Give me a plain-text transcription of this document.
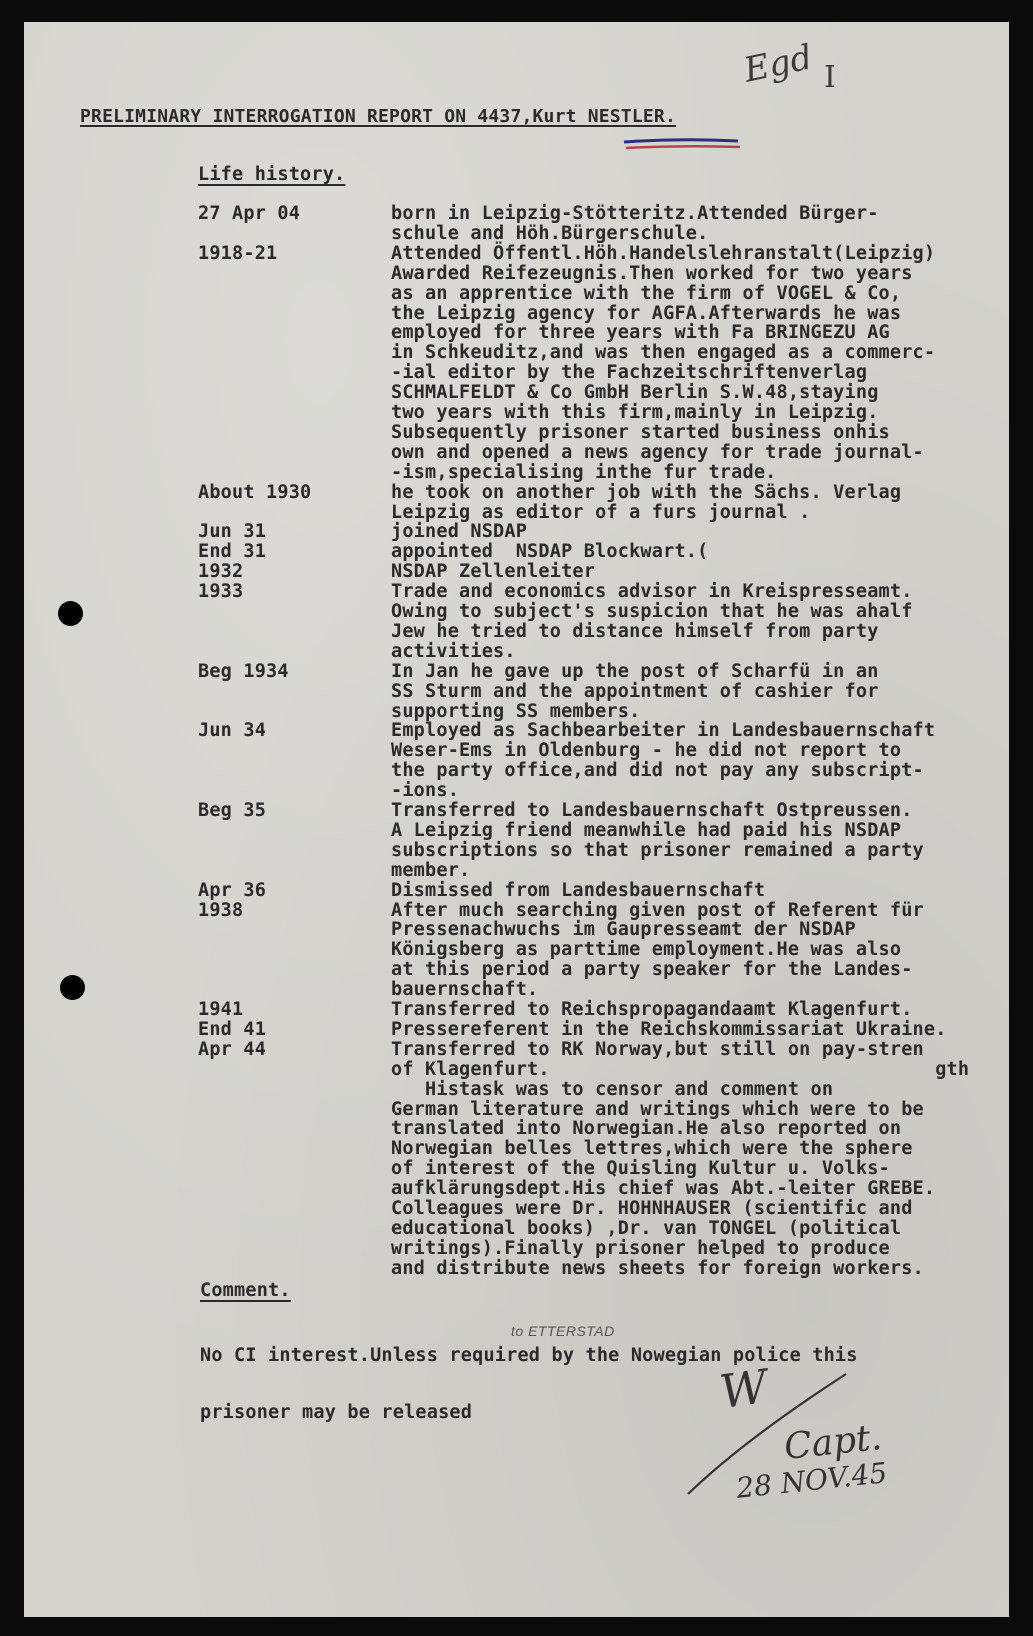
Egd I
PRELIMINARY INTERROGATION REPORT ON 4437,Kurt NESTLER.
Life history.
27 Apr 04	born in Leipzig-Stötteritz.Attended Bürger-
schule and Höh.Bürgerschule.
1918-21	Attended Öffentl.Höh.Handelslehranstalt(Leipzig)
Awarded Reifezeugnis.Then worked for two years
as an apprentice with the firm of VOGEL & Co,
the Leipzig agency for AGFA.Afterwards he was
employed for three years with Fa BRINGEZU AG
in Schkeuditz,and was then engaged as a commerc-
-ial editor by the Fachzeitschriftenverlag
SCHMALFELDT & Co GmbH Berlin S.W.48,staying
two years with this firm,mainly in Leipzig.
Subsequently prisoner started business onhis
own and opened a news agency for trade journal-
-ism,specialising inthe fur trade.
About 1930	he took on another job with the Sächs. Verlag
Leipzig as editor of a furs journal .
Jun 31	joined NSDAP
End 31	appointed  NSDAP Blockwart.(
1932	NSDAP Zellenleiter
1933	Trade and economics advisor in Kreispresseamt.
Owing to subject's suspicion that he was ahalf
Jew he tried to distance himself from party
activities.
Beg 1934	In Jan he gave up the post of Scharfü in an
SS Sturm and the appointment of cashier for
supporting SS members.
Jun 34	Employed as Sachbearbeiter in Landesbauernschaft
Weser-Ems in Oldenburg - he did not report to
the party office,and did not pay any subscript-
-ions.
Beg 35	Transferred to Landesbauernschaft Ostpreussen.
A Leipzig friend meanwhile had paid his NSDAP
subscriptions so that prisoner remained a party
member.
Apr 36	Dismissed from Landesbauernschaft
1938	After much searching given post of Referent für
Pressenachwuchs im Gaupresseamt der NSDAP
Königsberg as parttime employment.He was also
at this period a party speaker for the Landes-
bauernschaft.
1941	Transferred to Reichspropagandaamt Klagenfurt.
End 41	Pressereferent in the Reichskommissariat Ukraine.
Apr 44	Transferred to RK Norway,but still on pay-stren
of Klagenfurt.                                  gth
Histask was to censor and comment on
German literature and writings which were to be
translated into Norwegian.He also reported on
Norwegian belles lettres,which were the sphere
of interest of the Quisling Kultur u. Volks-
aufklärungsdept.His chief was Abt.-leiter GREBE.
Colleagues were Dr. HOHNHAUSER (scientific and
educational books) ,Dr. van TONGEL (political
writings).Finally prisoner helped to produce
and distribute news sheets for foreign workers.
Comment.

No CI interest.Unless required by the Nowegian police this

prisoner may be released

to ETTERSTAD
W
Capt.
28 NOV.45
